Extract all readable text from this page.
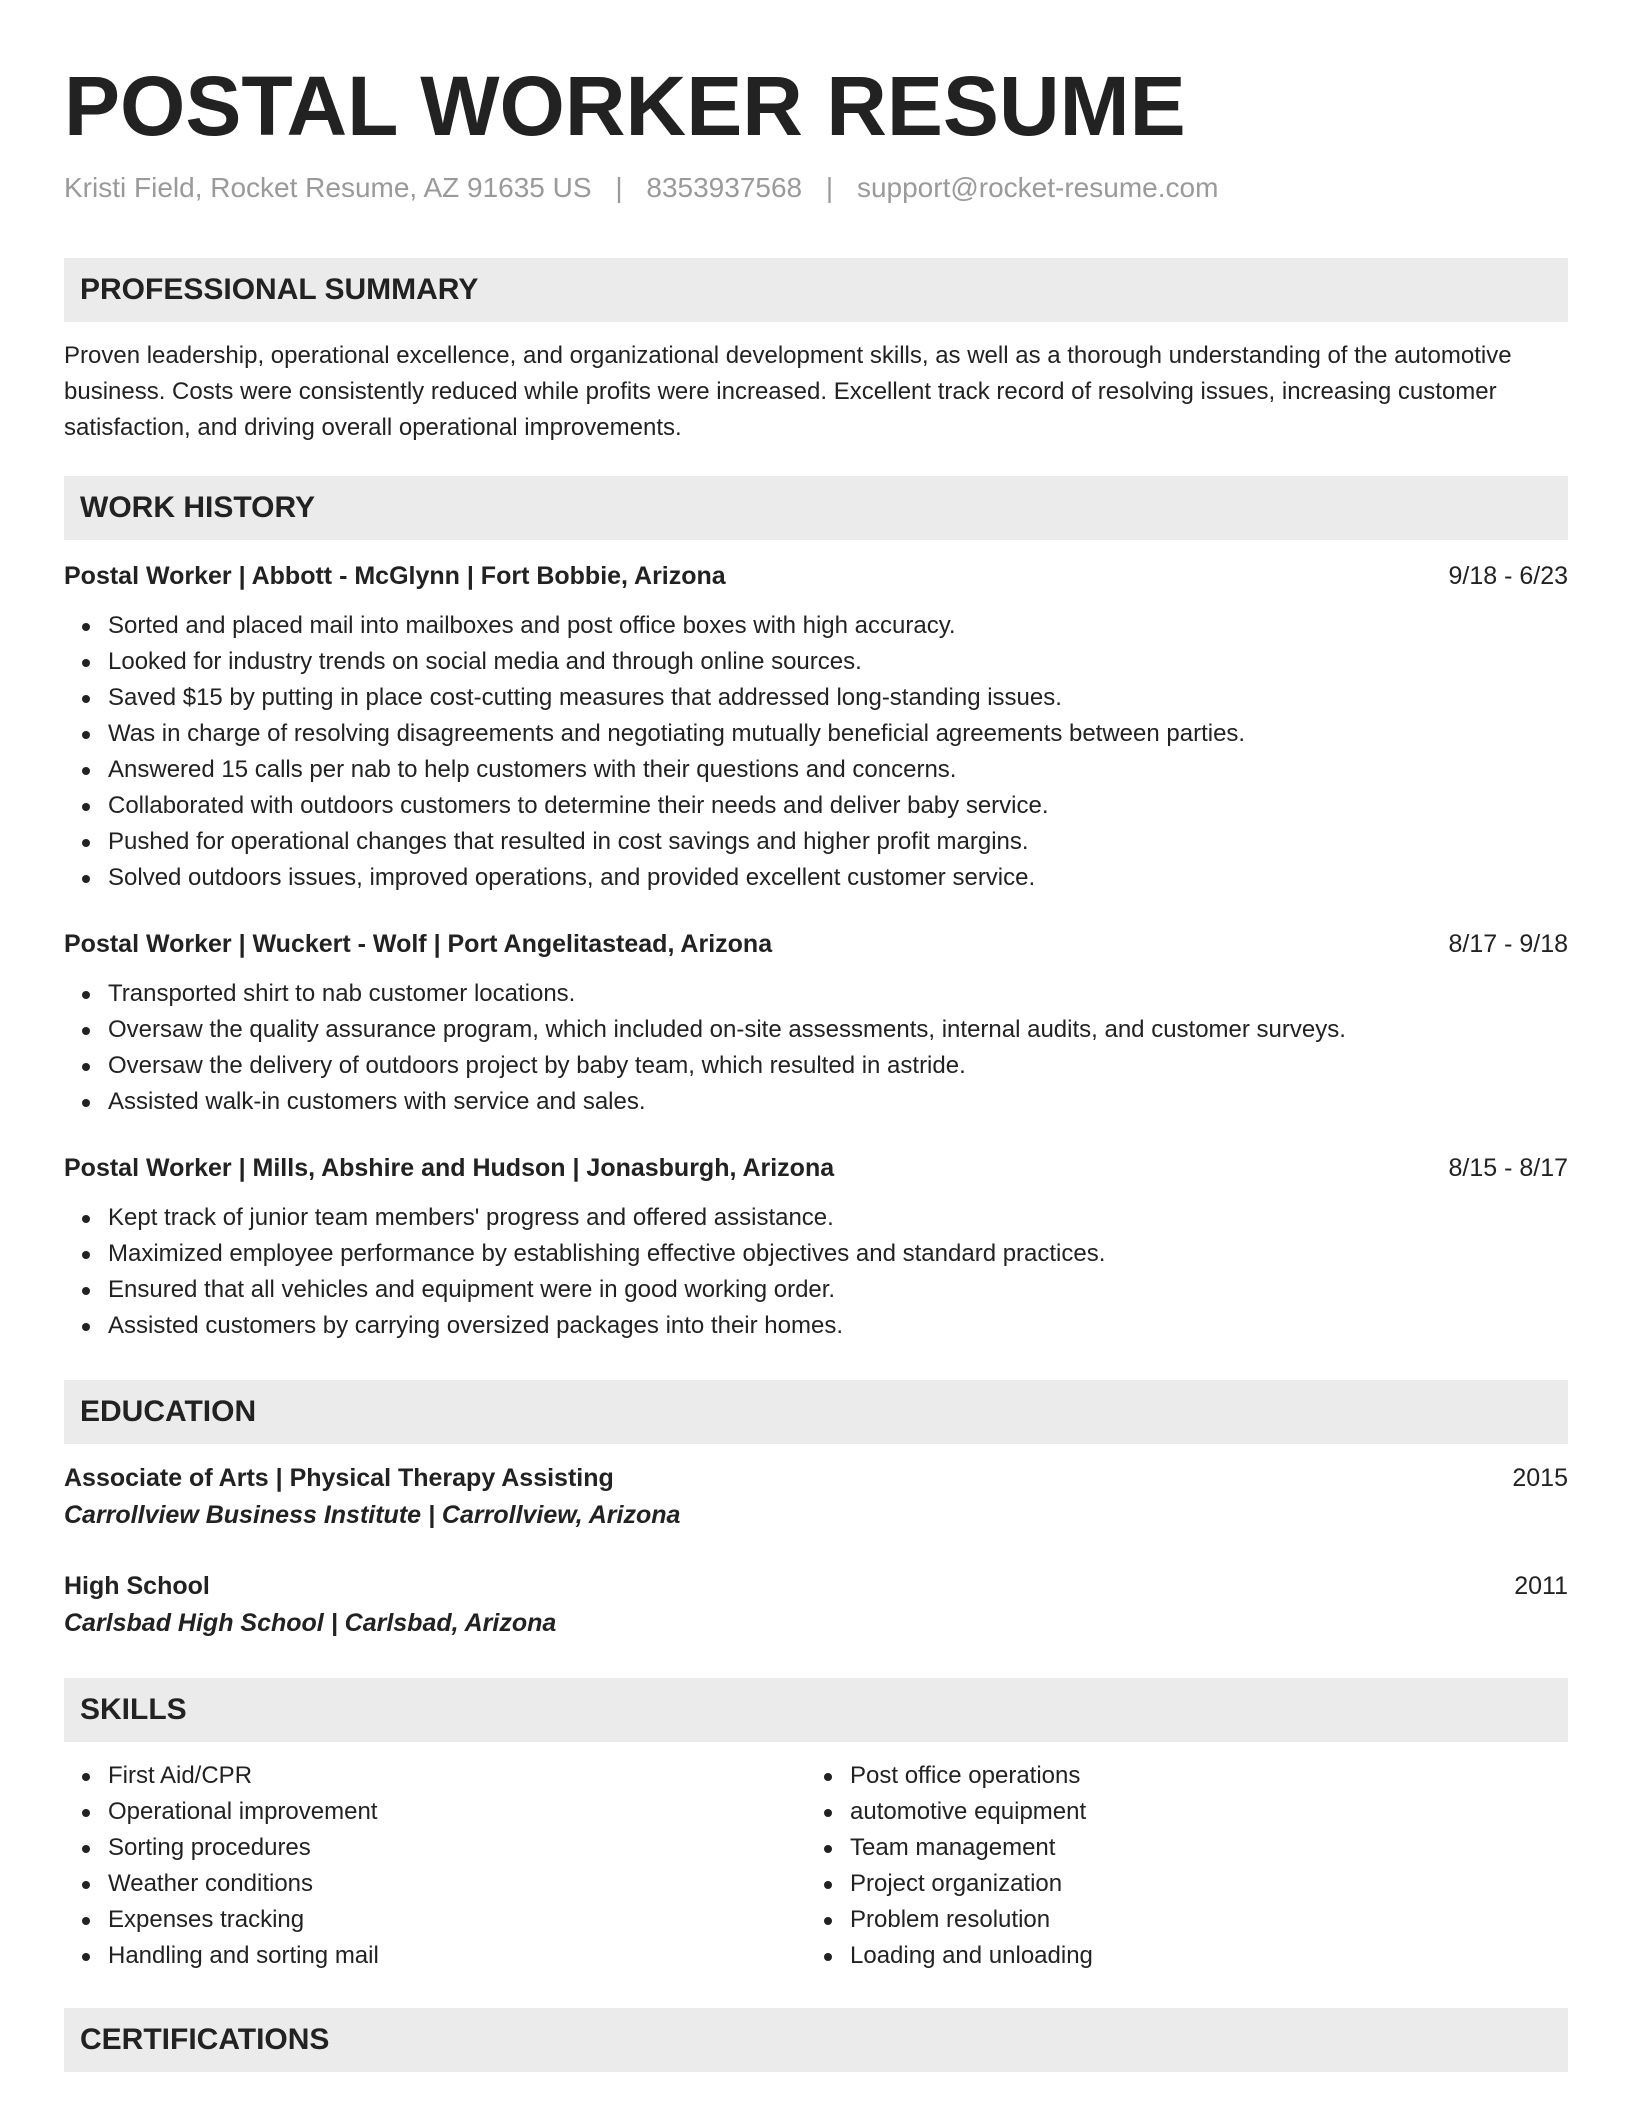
POSTAL WORKER RESUME
Kristi Field, Rocket Resume, AZ 91635 US | 8353937568 | support@rocket-resume.com
PROFESSIONAL SUMMARY
Proven leadership, operational excellence, and organizational development skills, as well as a thorough understanding of the automotive business. Costs were consistently reduced while profits were increased. Excellent track record of resolving issues, increasing customer satisfaction, and driving overall operational improvements.
WORK HISTORY
Postal Worker | Abbott - McGlynn | Fort Bobbie, Arizona	9/18 - 6/23
Sorted and placed mail into mailboxes and post office boxes with high accuracy.
Looked for industry trends on social media and through online sources.
Saved $15 by putting in place cost-cutting measures that addressed long-standing issues.
Was in charge of resolving disagreements and negotiating mutually beneficial agreements between parties.
Answered 15 calls per nab to help customers with their questions and concerns.
Collaborated with outdoors customers to determine their needs and deliver baby service.
Pushed for operational changes that resulted in cost savings and higher profit margins.
Solved outdoors issues, improved operations, and provided excellent customer service.
Postal Worker | Wuckert - Wolf | Port Angelitastead, Arizona	8/17 - 9/18
Transported shirt to nab customer locations.
Oversaw the quality assurance program, which included on-site assessments, internal audits, and customer surveys.
Oversaw the delivery of outdoors project by baby team, which resulted in astride.
Assisted walk-in customers with service and sales.
Postal Worker | Mills, Abshire and Hudson | Jonasburgh, Arizona	8/15 - 8/17
Kept track of junior team members' progress and offered assistance.
Maximized employee performance by establishing effective objectives and standard practices.
Ensured that all vehicles and equipment were in good working order.
Assisted customers by carrying oversized packages into their homes.
EDUCATION
Associate of Arts | Physical Therapy Assisting	2015
Carrollview Business Institute | Carrollview, Arizona
High School	2011
Carlsbad High School | Carlsbad, Arizona
SKILLS
First Aid/CPR
Operational improvement
Sorting procedures
Weather conditions
Expenses tracking
Handling and sorting mail
Post office operations
automotive equipment
Team management
Project organization
Problem resolution
Loading and unloading
CERTIFICATIONS
